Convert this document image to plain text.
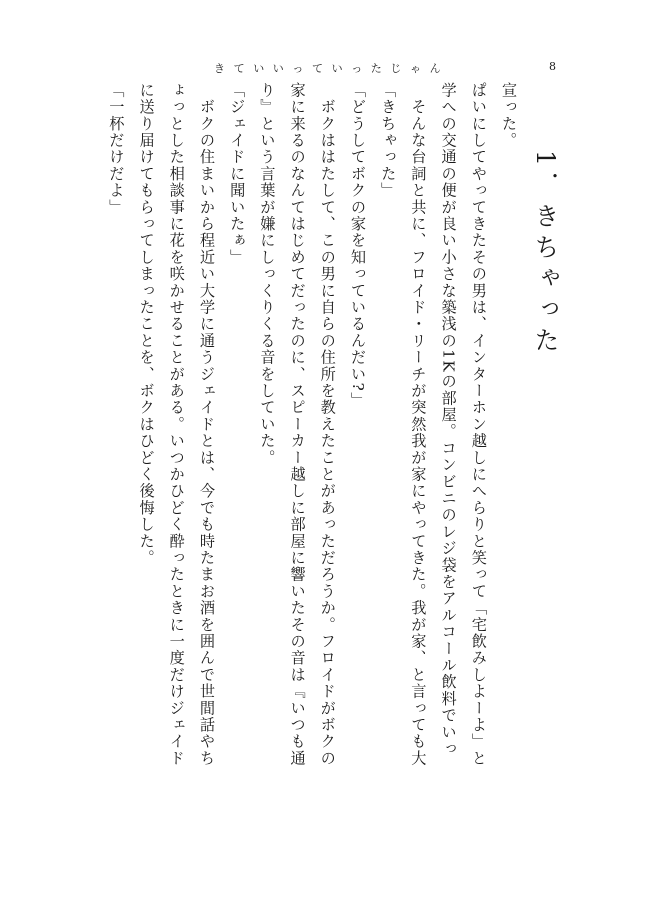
きていいっていったじゃん	8
1．きちゃった

宣った。

ぱいにしてやってきたその男は、インターホン越しにへらりと笑って「宅飲みしよーよ」と

学への交通の便が良い小さな築浅の1Kの部屋。コンビニのレジ袋をアルコール飲料でいっ

　そんな台詞と共に、フロイド・リーチが突然我が家にやってきた。我が家、と言っても大

「きちゃった」

「どうしてボクの家を知っているんだい?」

　ボクははたして、この男に自らの住所を教えたことがあっただろうか。フロイドがボクの

家に来るのなんてはじめてだったのに、スピーカー越しに部屋に響いたその音は『いつも通

り』という言葉が嫌にしっくりくる音をしていた。

「ジェイドに聞いたぁ」

　ボクの住まいから程近い大学に通うジェイドとは、今でも時たまお酒を囲んで世間話やち

ょっとした相談事に花を咲かせることがある。いつかひどく酔ったときに一度だけジェイド

に送り届けてもらってしまったことを、ボクはひどく後悔した。

「一杯だけだよ」
